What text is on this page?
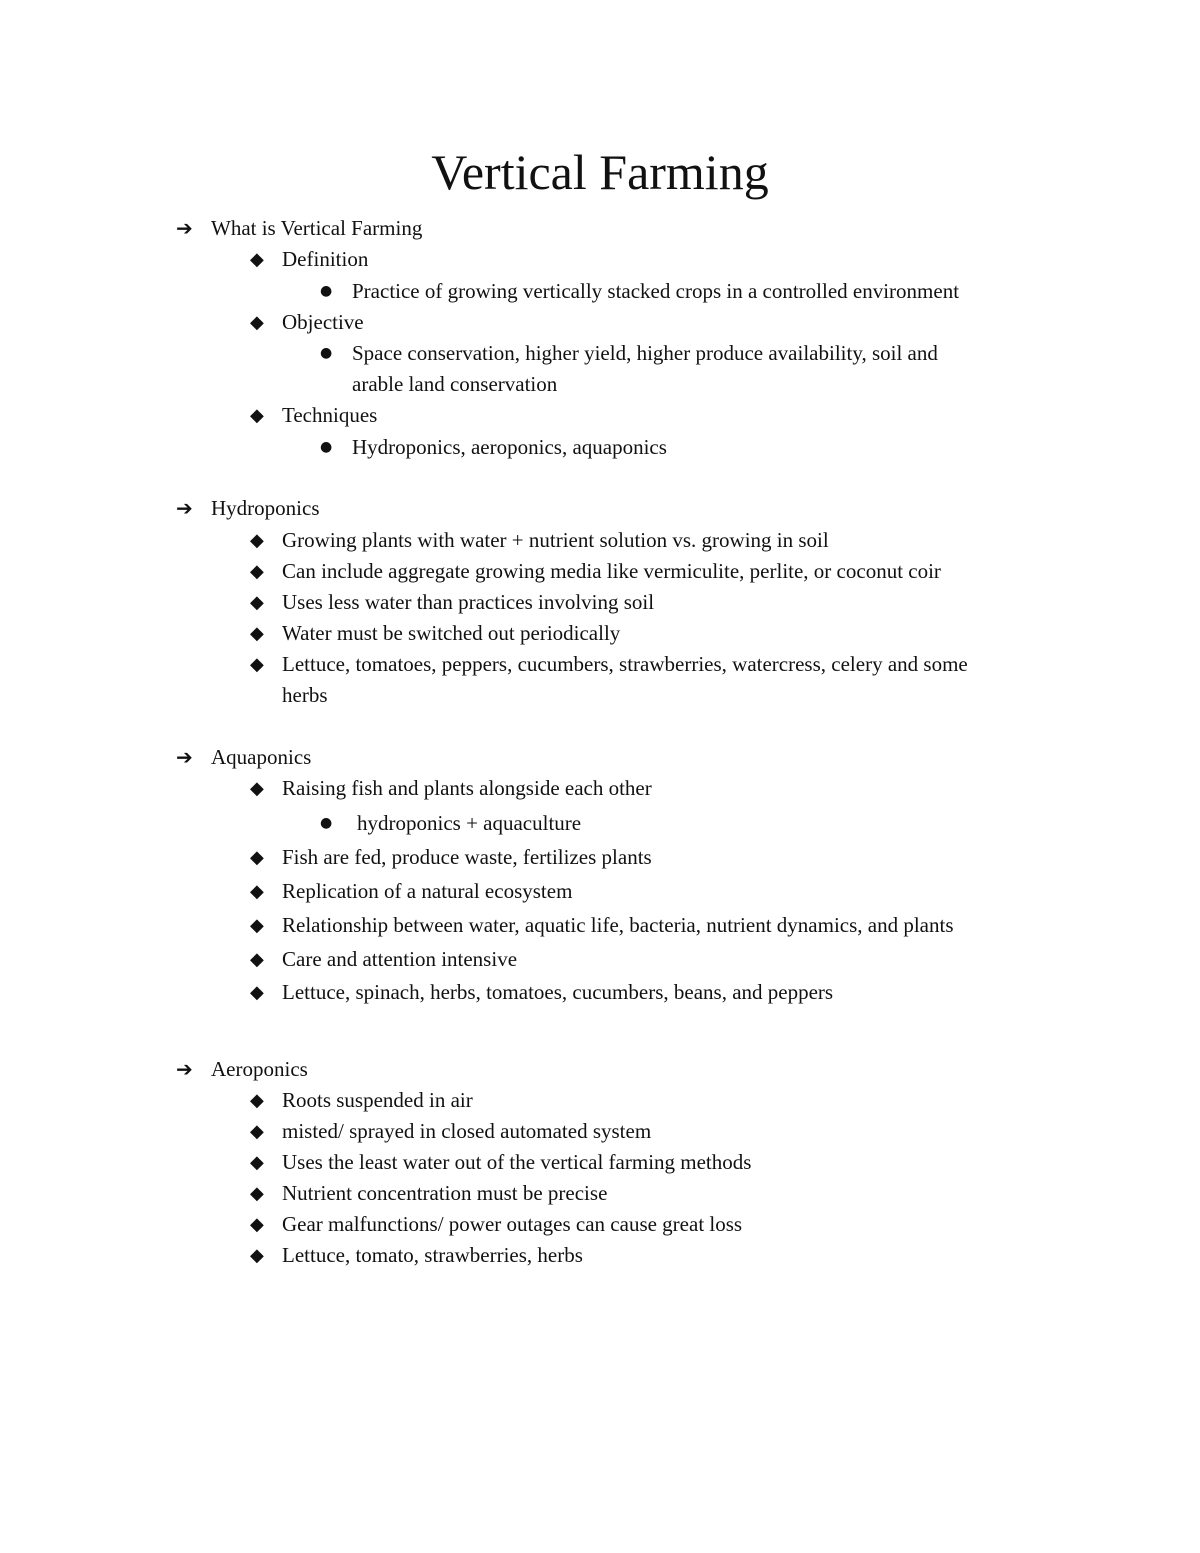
Vertical Farming
➔ What is Vertical Farming
◆ Definition
● Practice of growing vertically stacked crops in a controlled environment
◆ Objective
● Space conservation, higher yield, higher produce availability, soil and
arable land conservation
◆ Techniques
● Hydroponics, aeroponics, aquaponics
➔ Hydroponics
◆ Growing plants with water + nutrient solution vs. growing in soil
◆ Can include aggregate growing media like vermiculite, perlite, or coconut coir
◆ Uses less water than practices involving soil
◆ Water must be switched out periodically
◆ Lettuce, tomatoes, peppers, cucumbers, strawberries, watercress, celery and some
herbs
➔ Aquaponics
◆ Raising fish and plants alongside each other
●	hydroponics + aquaculture
◆ Fish are fed, produce waste, fertilizes plants
◆ Replication of a natural ecosystem
◆ Relationship between water, aquatic life, bacteria, nutrient dynamics, and plants
◆ Care and attention intensive
◆ Lettuce, spinach, herbs, tomatoes, cucumbers, beans, and peppers
➔ Aeroponics
◆ Roots suspended in air
◆ misted/ sprayed in closed automated system
◆ Uses the least water out of the vertical farming methods
◆ Nutrient concentration must be precise
◆ Gear malfunctions/ power outages can cause great loss
◆ Lettuce, tomato, strawberries, herbs
